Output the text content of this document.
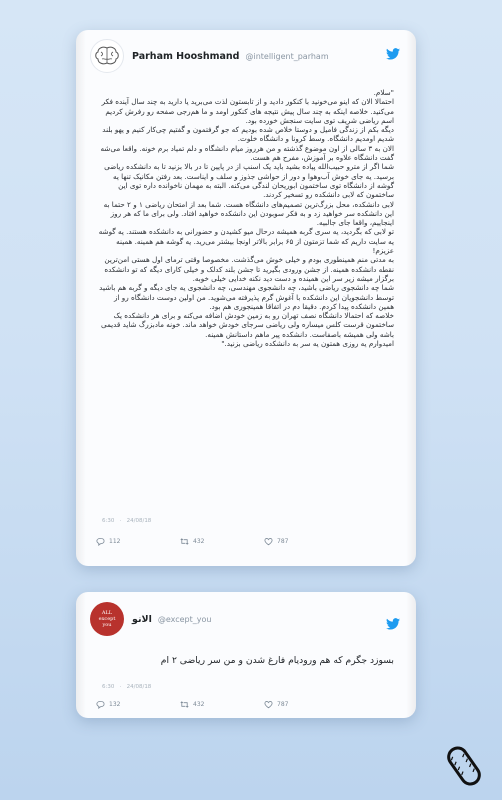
Parham Hooshmand @intelligent_parham

"سلام.

احتمالا الان که اینو می‌خونید با کنکور دادید و از تابستون لذت می‌برید یا دارید به چند سال آینده فکر می‌کنید. خلاصه اینکه به چند سال پیش نتیجه های کنکور اومد و ما هم‌رجی صفحه رو رفرش کردیم اسم ریاضی شریف توی سایت سنجش خورده بود.

دیگه بکم از زندگی فامیل و دوستا خلاص شده بودیم که جو گرفتمون و گفتیم چی‌کار کنیم و یهو بلند شدیم اومدیم دانشگاه. وسط کرونا و دانشگاه خلوت.

الان به ۳ سالی از اون موضوع گذشته و من هرروز میام دانشگاه و دلم تمیاد برم خونه. واقعا می‌شه گفت دانشگاه علاوه بر آموزش، مفرح هم هست.

شما اگر از مترو حبیب‌الله پیاده بشید باید یک اسنپ از در پایین تا در بالا بزنید تا به دانشکده ریاضی برسید. یه جای خوش آب‌وهوا و دور از حواشی جذوز و سلف و ایناست. بعد رفتن مکانیک تنها یه گوشه از دانشگاه توی ساختمون ابوریحان لندگی می‌کنه. البته به مهمان ناخوانده داره توی این ساختمون که لابی دانشکده رو تسخیر کردند.

لابی دانشکده، محل بزرگ‌ترین تصمیم‌های دانشگاه هست. شما بعد از امتحان ریاضی ۱ و ۲ حتما به این دانشکده سر خواهید زد و به فکر سوبودن این دانشکده خواهید افتاد. ولی برای ما که هر روز اینجاییم، واقعا جای جالبیه.

تو لابی که بگردید، یه سری گربه همیشه درحال میو کشیدن و حضورانی به دانشکده هستند. یه گوشه یه سایت داریم که شما تزمتون از ۶۵ برابر بالاتر اونجا بیشتر می‌رید. یه گوشه هم همینه. همینه عزیزم!

به مدتی منم همینطوری بودم و خیلی خوش می‌گذشت. مخصوصا وقتی ترمای اول هستی امن‌ترین نقطه دانشکده همینه. از جشن ورودی بگیرید تا جشن بلند کدلک و خیلی کارای دیگه که تو دانشکده برگزار میشه زیر سر این همینده و دست دید نکنه خدایی خیلی خوبه.

شما چه دانشجوی ریاضی باشید، چه دانشجوی مهندسی، چه دانشجوی یه جای دیگه و گربه هم باشید توسط دانشجویان این دانشکده با آغوش گرم پذیرفته می‌شوید. من اولین دوست دانشگاه رو از همین دانشکده پیدا کردم. دقیقا دم در اتفاقا همینجوری هم بود.

خلاصه که احتمالا دانشگاه نصف تهران رو به زمین خودش اضافه می‌کنه و برای هر دانشکده یک ساختمون قرست کلس میساره ولی ریاضی سرجای خودش خواهد ماند. خونه مادبزرگ شاید قدیمی باشه ولی همیشه با‌صفاست. دانشکده پیر ما‌هم داستانش همینه.

امیدوارم یه روزی همتون یه سر به دانشکده ریاضی بزنید."

6:30   ·   24/08/18
112	432	787
ALL
except
you
الانو @except_you
بسوزد جگرم که هم ورودیام فارغ شدن و من سر ریاضی ۲ ام
6:30   ·   24/08/18
132	432	787
